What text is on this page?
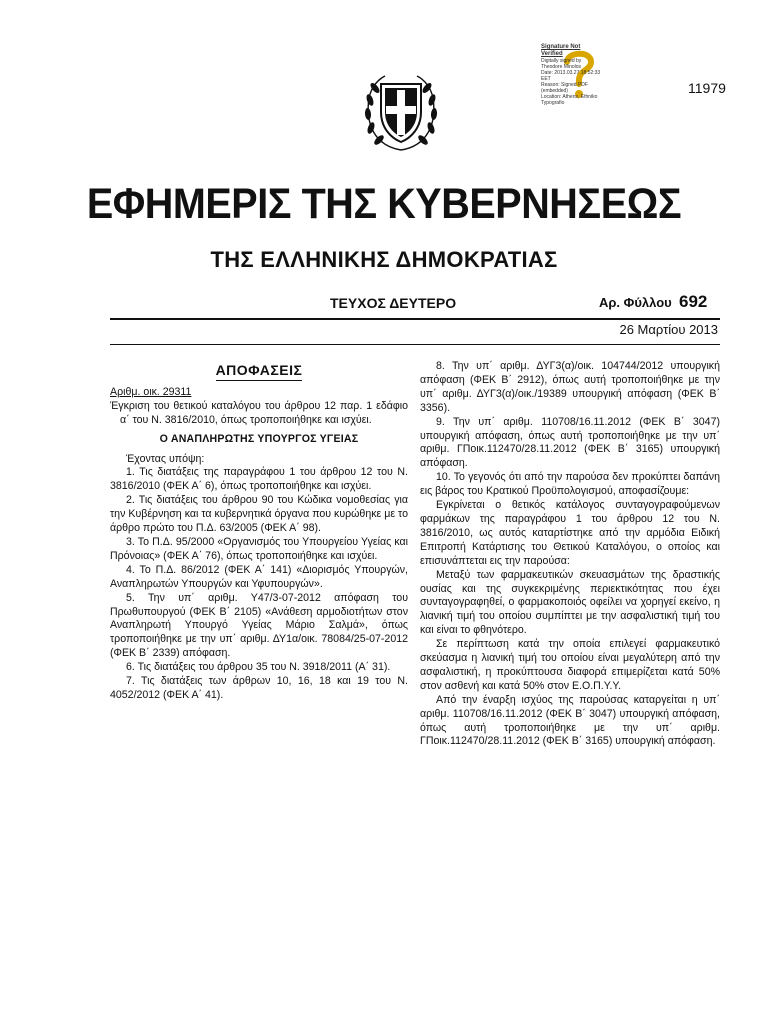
Signature Not
Verified
Digitally signed by
Theodore Minolos
Date: 2013.03.27 18:52:33
EET
Reason: Signed PDF
(embedded)
Location: Athens, Ethniko
Typografio
11979
ΕΦΗΜΕΡΙΣ ΤΗΣ ΚΥΒΕΡΝΗΣΕΩΣ
ΤΗΣ ΕΛΛΗΝΙΚΗΣ ΔΗΜΟΚΡΑΤΙΑΣ
ΤΕΥΧΟΣ ΔΕΥΤΕΡΟ	Αρ. Φύλλου 692
26 Μαρτίου 2013
ΑΠΟΦΑΣΕΙΣ

Αριθμ. οικ. 29311

Έγκριση του θετικού καταλόγου του άρθρου 12 παρ. 1 εδάφιο α΄ του Ν. 3816/2010, όπως τροποποιήθηκε και ισχύει.

Ο ΑΝΑΠΛΗΡΩΤΗΣ ΥΠΟΥΡΓΟΣ ΥΓΕΙΑΣ

Έχοντας υπόψη:

1. Τις διατάξεις της παραγράφου 1 του άρθρου 12 του Ν. 3816/2010 (ΦΕΚ Α΄ 6), όπως τροποποιήθηκε και ισχύει.

2. Τις διατάξεις του άρθρου 90 του Κώδικα νομοθεσίας για την Κυβέρνηση και τα κυβερνητικά όργανα που κυρώθηκε με το άρθρο πρώτο του Π.Δ. 63/2005 (ΦΕΚ Α΄ 98).

3. Το Π.Δ. 95/2000 «Οργανισμός του Υπουργείου Υγείας και Πρόνοιας» (ΦΕΚ Α΄ 76), όπως τροποποιήθηκε και ισχύει.

4. Το Π.Δ. 86/2012 (ΦΕΚ Α΄ 141) «Διορισμός Υπουργών, Αναπληρωτών Υπουργών και Υφυπουργών».

5. Την υπ΄ αριθμ. Υ47/3-07-2012 απόφαση του Πρωθυπουργού (ΦΕΚ Β΄ 2105) «Ανάθεση αρμοδιοτήτων στον Αναπληρωτή Υπουργό Υγείας Μάριο Σαλμά», όπως τροποποιήθηκε με την υπ΄ αριθμ. ΔΥ1α/οικ. 78084/25-07-2012 (ΦΕΚ Β΄ 2339) απόφαση.

6. Τις διατάξεις του άρθρου 35 του Ν. 3918/2011 (Α΄ 31).

7. Τις διατάξεις των άρθρων 10, 16, 18 και 19 του Ν. 4052/2012 (ΦΕΚ Α΄ 41).

8. Την υπ΄ αριθμ. ΔΥΓ3(α)/οικ. 104744/2012 υπουργική απόφαση (ΦΕΚ Β΄ 2912), όπως αυτή τροποποιήθηκε με την υπ΄ αριθμ. ΔΥΓ3(α)/οικ./19389 υπουργική απόφαση (ΦΕΚ Β΄ 3356).

9. Την υπ΄ αριθμ. 110708/16.11.2012 (ΦΕΚ Β΄ 3047) υπουργική απόφαση, όπως αυτή τροποποιήθηκε με την υπ΄ αριθμ. ΓΠοικ.112470/28.11.2012 (ΦΕΚ Β΄ 3165) υπουργική απόφαση.

10. Το γεγονός ότι από την παρούσα δεν προκύπτει δαπάνη εις βάρος του Κρατικού Προϋπολογισμού, αποφασίζουμε:

Εγκρίνεται ο θετικός κατάλογος συνταγογραφούμενων φαρμάκων της παραγράφου 1 του άρθρου 12 του Ν. 3816/2010, ως αυτός καταρτίστηκε από την αρμόδια Ειδική Επιτροπή Κατάρτισης του Θετικού Καταλόγου, ο οποίος και επισυνάπτεται εις την παρούσα:

Μεταξύ των φαρμακευτικών σκευασμάτων της δραστικής ουσίας και της συγκεκριμένης περιεκτικότητας που έχει συνταγογραφηθεί, ο φαρμακοποιός οφείλει να χορηγεί εκείνο, η λιανική τιμή του οποίου συμπίπτει με την ασφαλιστική τιμή του και είναι το φθηνότερο.

Σε περίπτωση κατά την οποία επιλεγεί φαρμακευτικό σκεύασμα η λιανική τιμή του οποίου είναι μεγαλύτερη από την ασφαλιστική, η προκύπτουσα διαφορά επιμερίζεται κατά 50% στον ασθενή και κατά 50% στον Ε.Ο.Π.Υ.Υ.

Από την έναρξη ισχύος της παρούσας καταργείται η υπ΄ αριθμ. 110708/16.11.2012 (ΦΕΚ Β΄ 3047) υπουργική απόφαση, όπως αυτή τροποποιήθηκε με την υπ΄ αριθμ. ΓΠοικ.112470/28.11.2012 (ΦΕΚ Β΄ 3165) υπουργική απόφαση.
